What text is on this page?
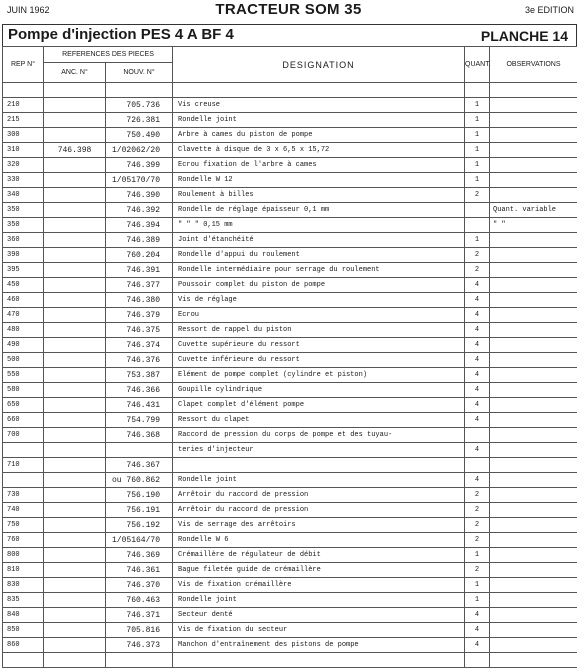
JUIN 1962	TRACTEUR SOM 35	3e EDITION
Pompe d'injection PES 4 A BF 4	PLANCHE 14
REP N°	REFERENCES DES PIECES		DESIGNATION	QUANT.	OBSERVATIONS
	ANC. N°	NOUV. N°			

210		705.736	Vis creuse	1	
215		726.381	Rondelle joint	1	
300		750.490	Arbre à cames du piston de pompe	1	
310	746.398	1/02062/20	Clavette à disque de 3 x 6,5 x 15,72	1	
320		746.399	Ecrou fixation de l'arbre à cames	1	
330		1/05170/70	Rondelle W 12	1	
340		746.390	Roulement à billes	2	
350		746.392	Rondelle de réglage épaisseur 0,1 mm		Quant. variable
350		746.394	" " " 0,15 mm		" "
360		746.389	Joint d'étanchéité	1	
390		760.204	Rondelle d'appui du roulement	2	
395		746.391	Rondelle intermédiaire pour serrage du roulement	2	
450		746.377	Poussoir complet du piston de pompe	4	
460		746.380	Vis de réglage	4	
470		746.379	Ecrou	4	
480		746.375	Ressort de rappel du piston	4	
490		746.374	Cuvette supérieure du ressort	4	
500		746.376	Cuvette inférieure du ressort	4	
550		753.387	Elément de pompe complet (cylindre et piston)	4	
580		746.366	Goupille cylindrique	4	
650		746.431	Clapet complet d'élément pompe	4	
660		754.799	Ressort du clapet	4	
700		746.368	Raccord de pression du corps de pompe et des tuyau-		
			teries d'injecteur	4	
710		746.367			
		ou 760.862	Rondelle joint	4	
730		756.190	Arrêtoir du raccord de pression	2	
740		756.191	Arrêtoir du raccord de pression	2	
750		756.192	Vis de serrage des arrêtoirs	2	
760		1/05164/70	Rondelle W 6	2	
800		746.369	Crémaillère de régulateur de débit	1	
810		746.361	Bague filetée guide de crémaillère	2	
830		746.370	Vis de fixation crémaillère	1	
835		760.463	Rondelle joint	1	
840		746.371	Secteur denté	4	
850		705.816	Vis de fixation du secteur	4	
860		746.373	Manchon d'entraînement des pistons de pompe	4	
